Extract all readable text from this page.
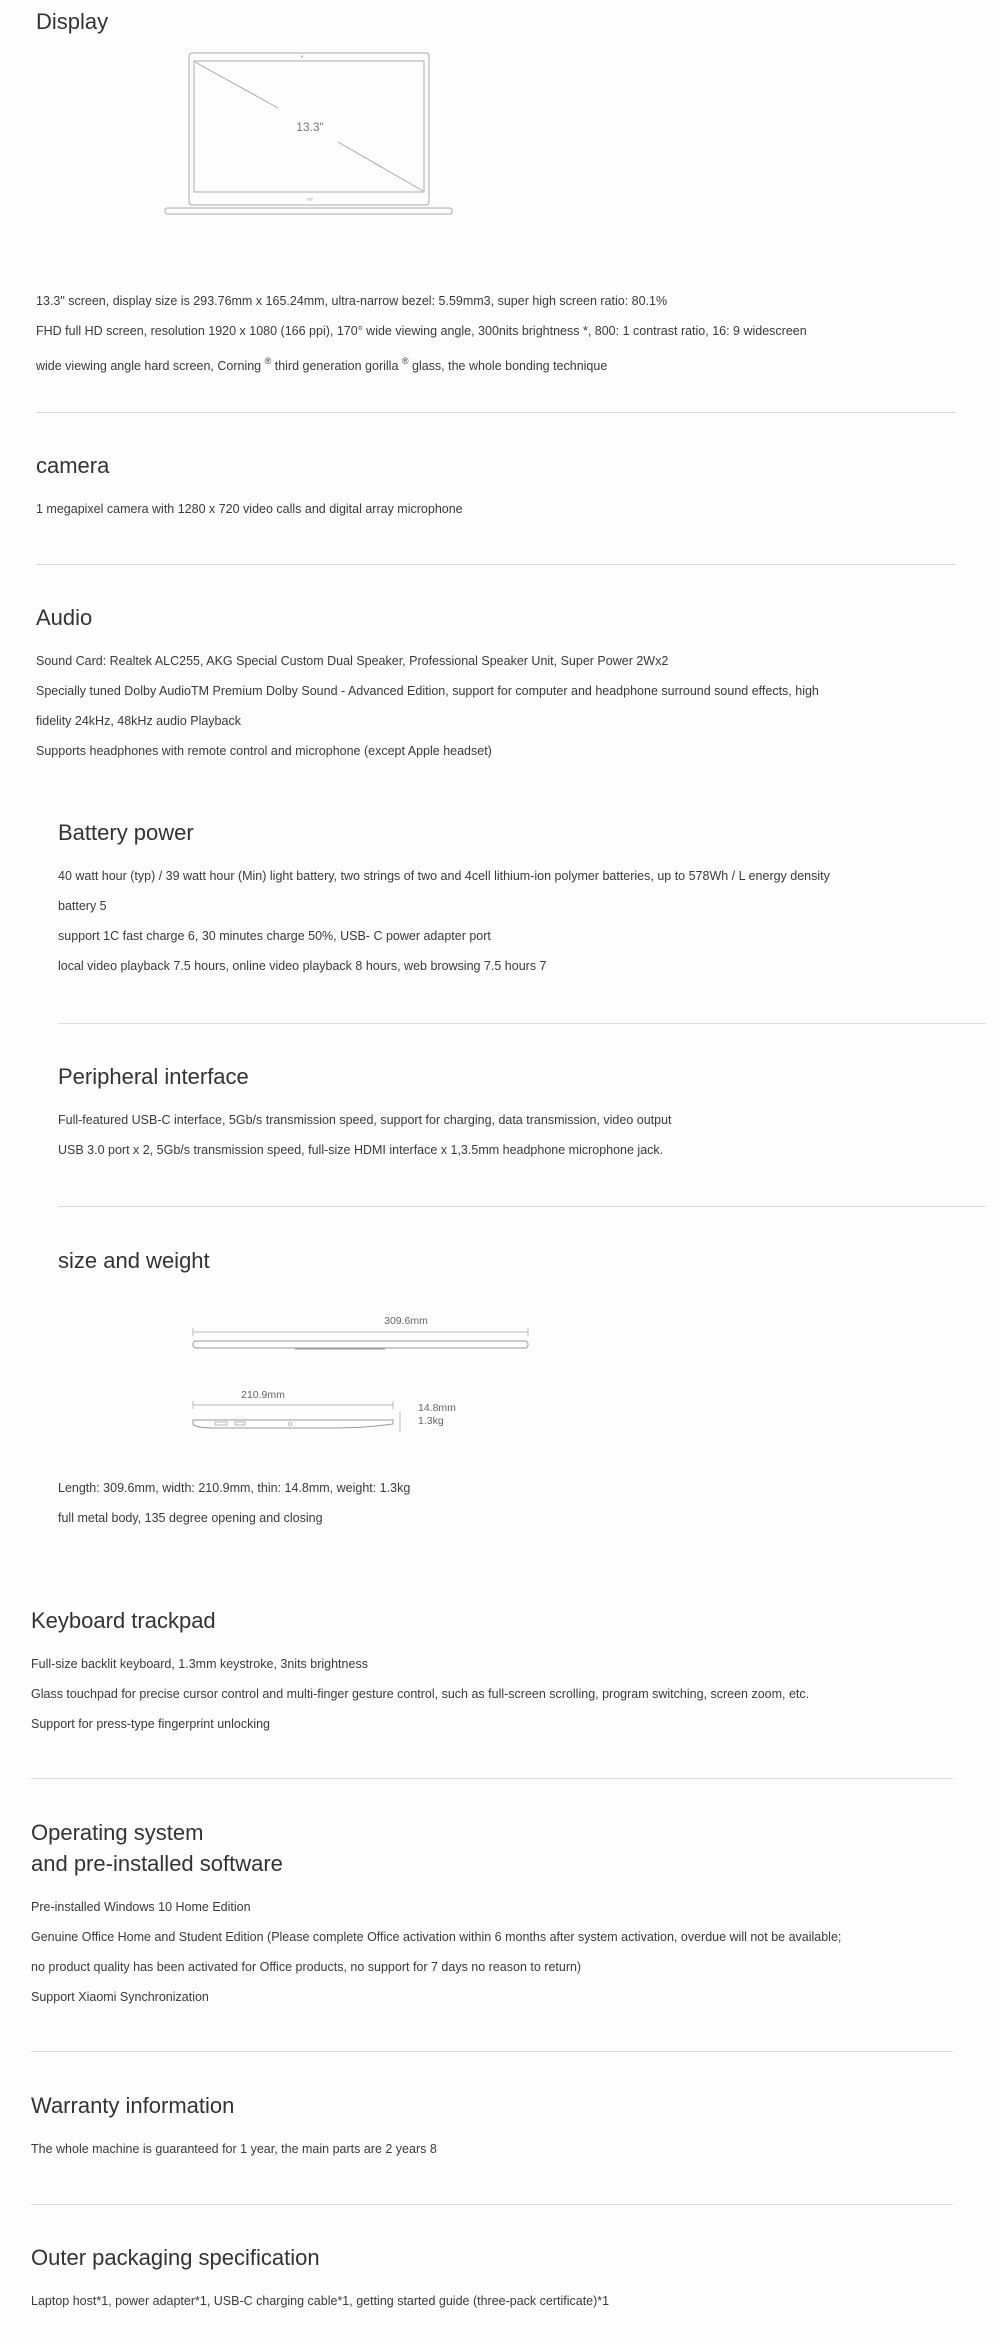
Display
13.3"
mi

13.3" screen, display size is 293.76mm x 165.24mm, ultra-narrow bezel: 5.59mm3, super high screen ratio: 80.1%

FHD full HD screen, resolution 1920 x 1080 (166 ppi), 170° wide viewing angle, 300nits brightness *, 800: 1 contrast ratio, 16: 9 widescreen

wide viewing angle hard screen, Corning ® third generation gorilla ® glass, the whole bonding technique

camera

1 megapixel camera with 1280 x 720 video calls and digital array microphone

Audio

Sound Card: Realtek ALC255, AKG Special Custom Dual Speaker, Professional Speaker Unit, Super Power 2Wx2

Specially tuned Dolby AudioTM Premium Dolby Sound - Advanced Edition, support for computer and headphone surround sound effects, high

fidelity 24kHz, 48kHz audio Playback

Supports headphones with remote control and microphone (except Apple headset)

Battery power

40 watt hour (typ) / 39 watt hour (Min) light battery, two strings of two and 4cell lithium-ion polymer batteries, up to 578Wh / L energy density

battery 5

support 1C fast charge 6, 30 minutes charge 50%, USB- C power adapter port

local video playback 7.5 hours, online video playback 8 hours, web browsing 7.5 hours 7

Peripheral interface

Full-featured USB-C interface, 5Gb/s transmission speed, support for charging, data transmission, video output

USB 3.0 port x 2, 5Gb/s transmission speed, full-size HDMI interface x 1,3.5mm headphone microphone jack.

size and weight
309.6mm
210.9mm
14.8mm
1.3kg

Length: 309.6mm, width: 210.9mm, thin: 14.8mm, weight: 1.3kg

full metal body, 135 degree opening and closing

Keyboard trackpad

Full-size backlit keyboard, 1.3mm keystroke, 3nits brightness

Glass touchpad for precise cursor control and multi-finger gesture control, such as full-screen scrolling, program switching, screen zoom, etc.

Support for press-type fingerprint unlocking

Operating system
and pre-installed software

Pre-installed Windows 10 Home Edition

Genuine Office Home and Student Edition (Please complete Office activation within 6 months after system activation, overdue will not be available;

no product quality has been activated for Office products, no support for 7 days no reason to return)

Support Xiaomi Synchronization

Warranty information

The whole machine is guaranteed for 1 year, the main parts are 2 years 8

Outer packaging specification

Laptop host*1, power adapter*1, USB-C charging cable*1, getting started guide (three-pack certificate)*1
